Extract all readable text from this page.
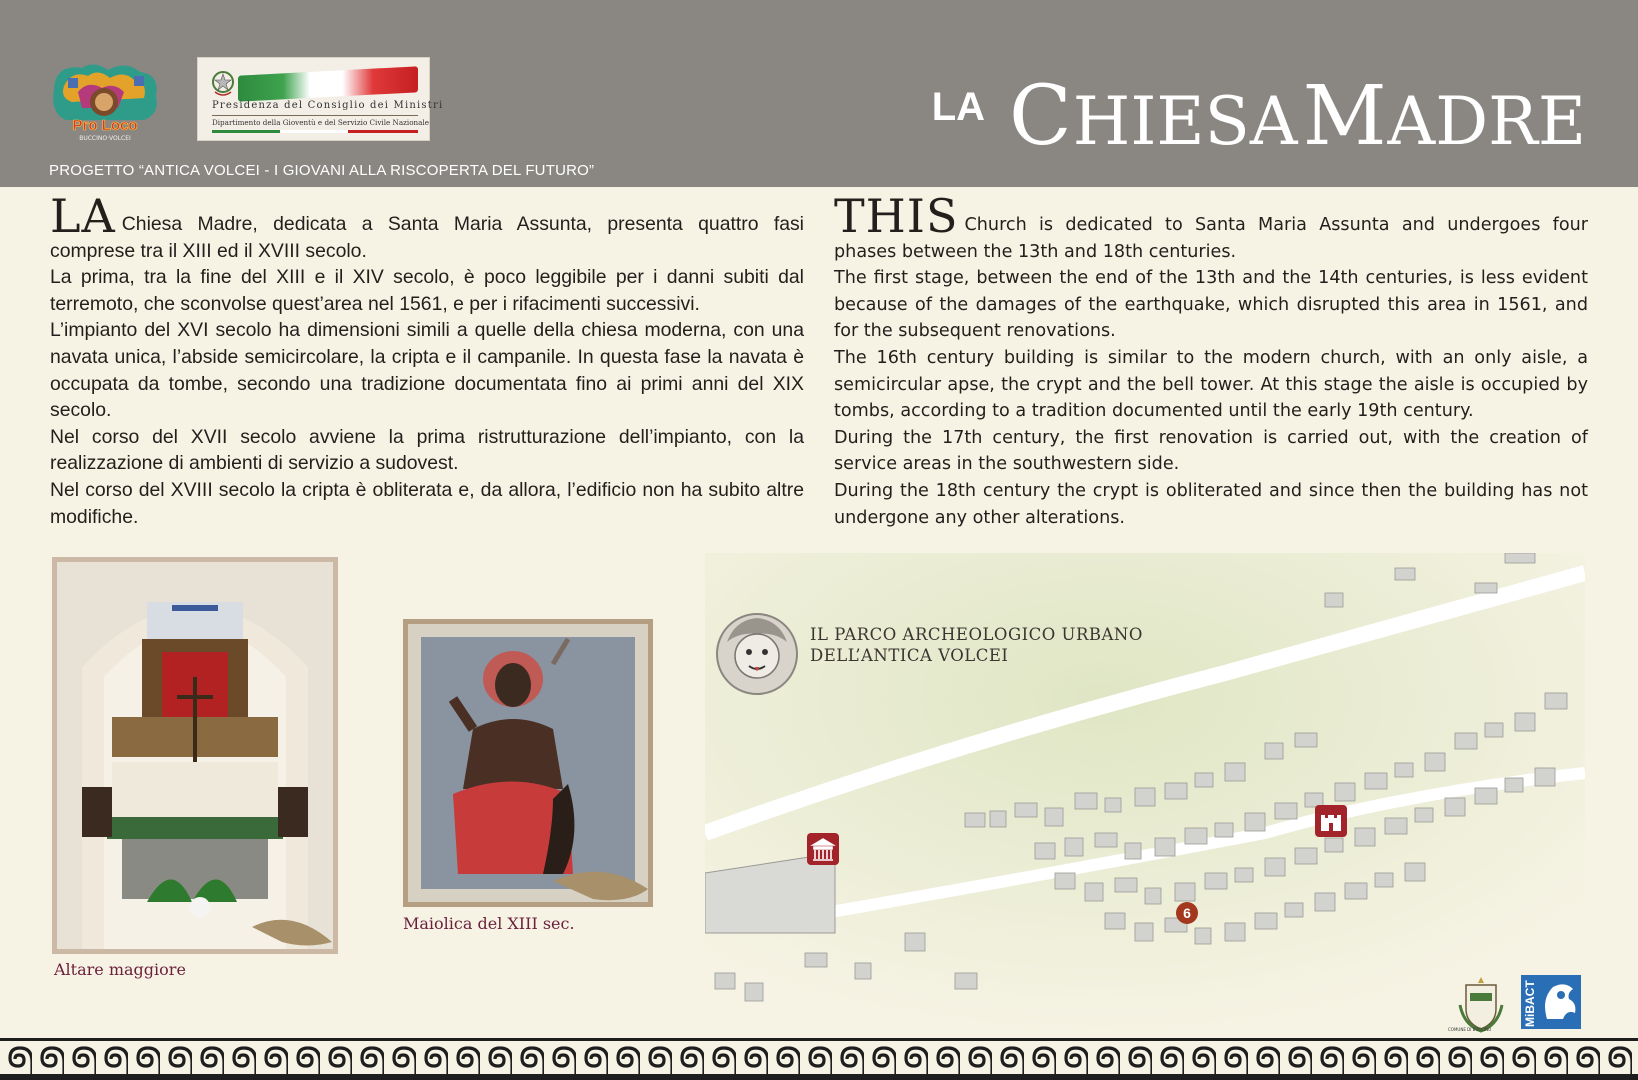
Pro Loco
BUCCINO·VOLCEI
Presidenza del Consiglio dei Ministri
Dipartimento della Gioventù e del Servizio Civile Nazionale
PROGETTO “ANTICA VOLCEI - I GIOVANI ALLA RISCOPERTA DEL FUTURO”
LA CHIESA MADRE

LA Chiesa Madre, dedicata a Santa Maria Assunta, presenta quattro fasi comprese tra il XIII ed il XVIII secolo.

La prima, tra la fine del XIII e il XIV secolo, è poco leggibile per i danni subiti dal terremoto, che sconvolse quest’area nel 1561, e per i rifacimenti successivi.

L’impianto del XVI secolo ha dimensioni simili a quelle della chiesa moderna, con una navata unica, l’abside semicircolare, la cripta e il campanile. In questa fase la navata è occupata da tombe, secondo una tradizione documentata fino ai primi anni del XIX secolo.

Nel corso del XVII secolo avviene la prima ristrutturazione dell’impianto, con la realizzazione di ambienti di servizio a sudovest.

Nel corso del XVIII secolo la cripta è obliterata e, da allora, l’edificio non ha subito altre modifiche.

THIS Church is dedicated to Santa Maria Assunta and undergoes four phases between the 13th and 18th centuries.

The first stage, between the end of the 13th and the 14th centuries, is less evident because of the damages of the earthquake, which disrupted this area in 1561, and for the subsequent renovations.

The 16th century building is similar to the modern church, with an only aisle, a semicircular apse, the crypt and the bell tower. At this stage the aisle is occupied by tombs, according to a tradition documented until the early 19th century.

During the 17th century, the first renovation is carried out, with the creation of service areas in the southwestern side.

During the 18th century the crypt is obliterated and since then the building has not undergone any other alterations.

Altare maggiore
Maiolica del XIII sec.
IL PARCO ARCHEOLOGICO URBANO
DELL’ANTICA VOLCEI
6
COMUNE DI BUCCINO
MiBACT
